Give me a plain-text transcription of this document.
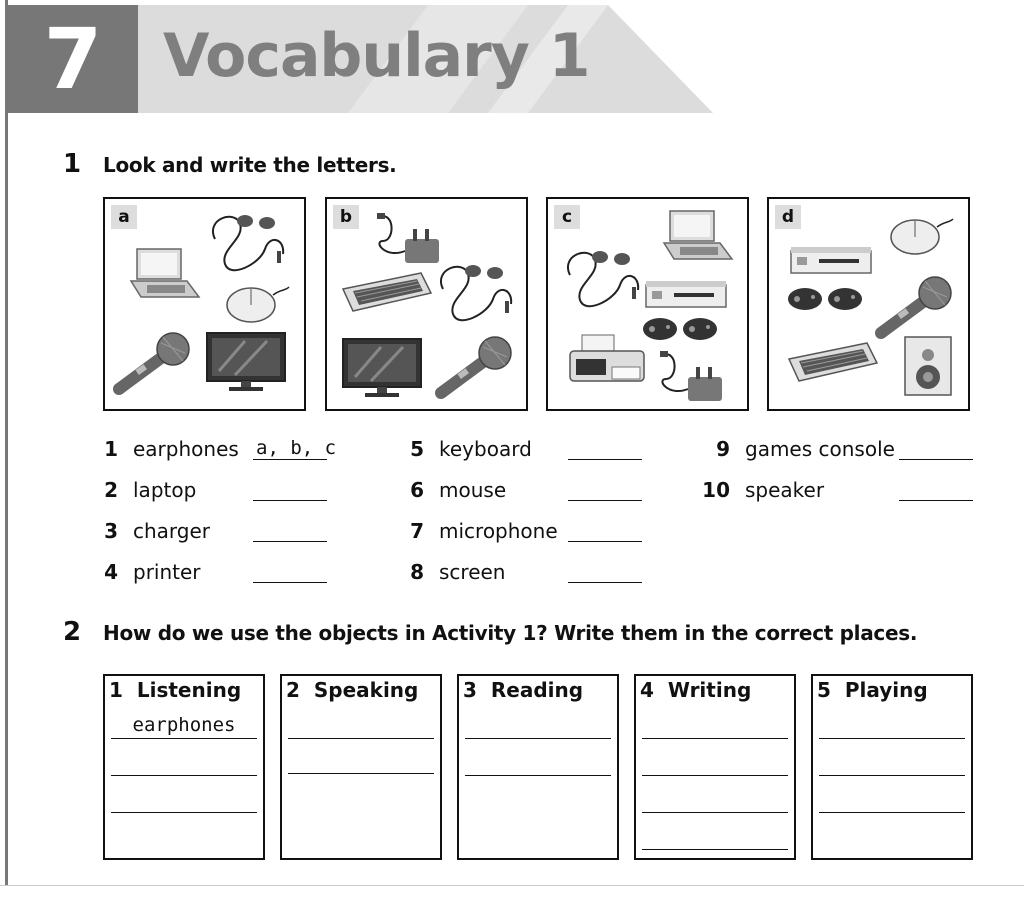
7	Vocabulary 1
1 Look and write the letters.
a	b	c	d
1 earphones a, b, c
2 laptop
3 charger
4 printer
5 keyboard
6 mouse
7 microphone
8 screen
9 games console
10 speaker
2 How do we use the objects in Activity 1? Write them in the correct places.
1 Listening
earphones
2 Speaking 3 Reading	4 Writing	5 Playing
